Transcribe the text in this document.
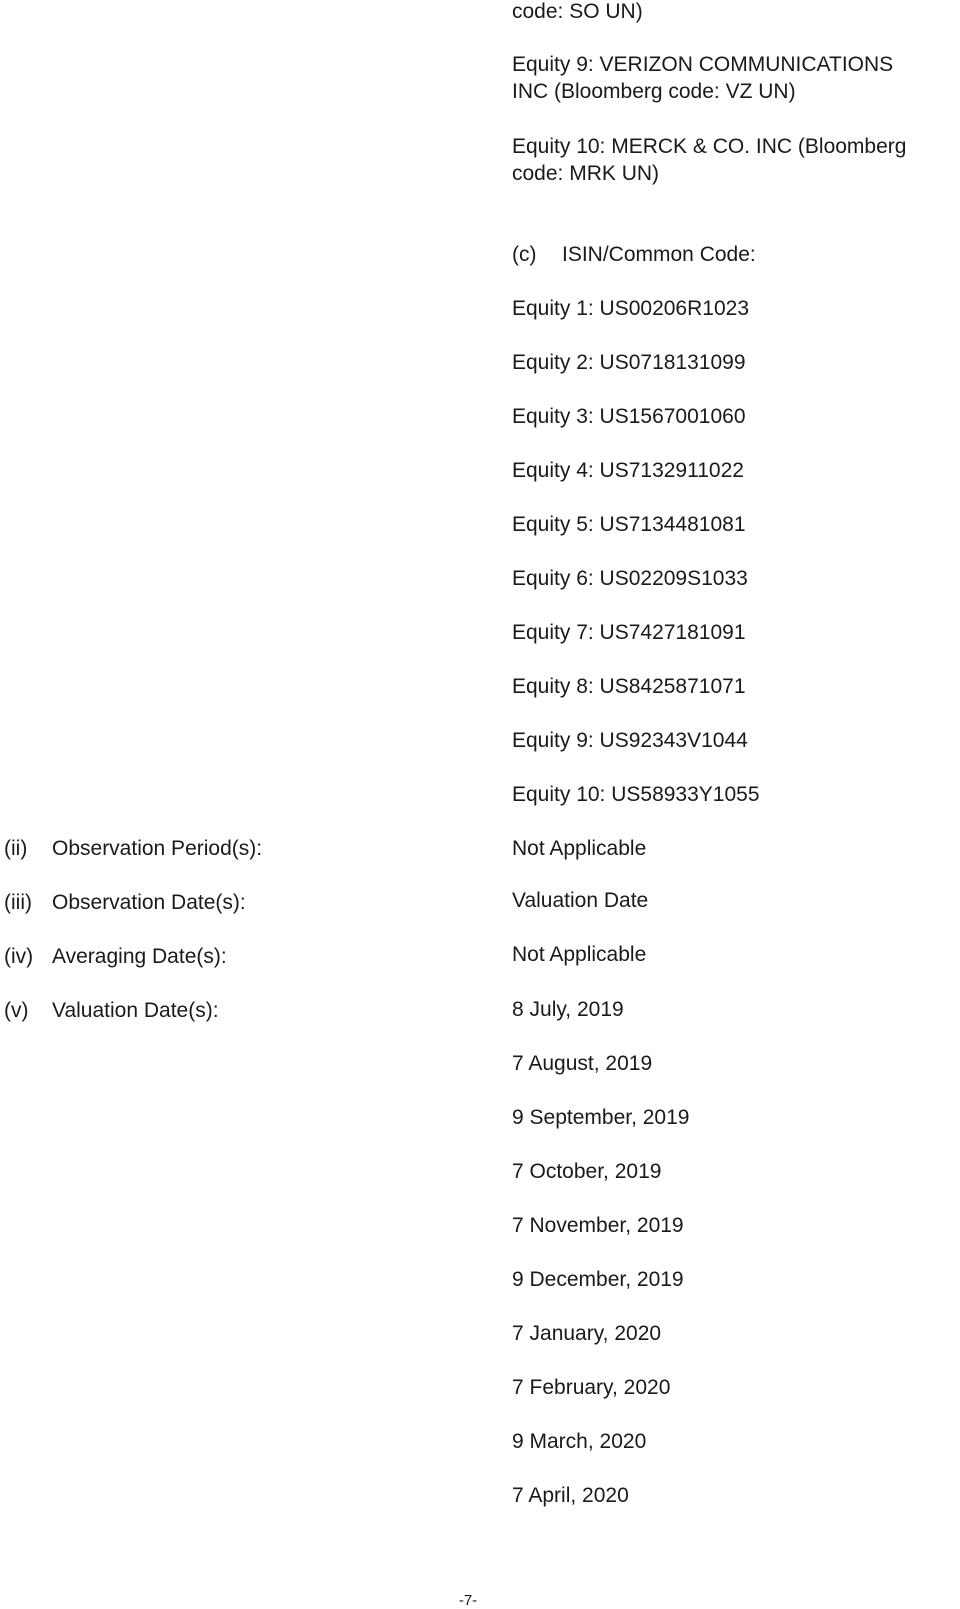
code: SO UN)
Equity 9: VERIZON COMMUNICATIONS
INC (Bloomberg code: VZ UN)
Equity 10: MERCK & CO. INC (Bloomberg
code: MRK UN)
(c) ISIN/Common Code:
Equity 1: US00206R1023
Equity 2: US0718131099
Equity 3: US1567001060
Equity 4: US7132911022
Equity 5: US7134481081
Equity 6: US02209S1033
Equity 7: US7427181091
Equity 8: US8425871071
Equity 9: US92343V1044
Equity 10: US58933Y1055
(ii) Observation Period(s):	Not Applicable
(iii) Observation Date(s):	Valuation Date
(iv) Averaging Date(s):	Not Applicable
(v) Valuation Date(s):	8 July, 2019
7 August, 2019
9 September, 2019
7 October, 2019
7 November, 2019
9 December, 2019
7 January, 2020
7 February, 2020
9 March, 2020
7 April, 2020
-7-
